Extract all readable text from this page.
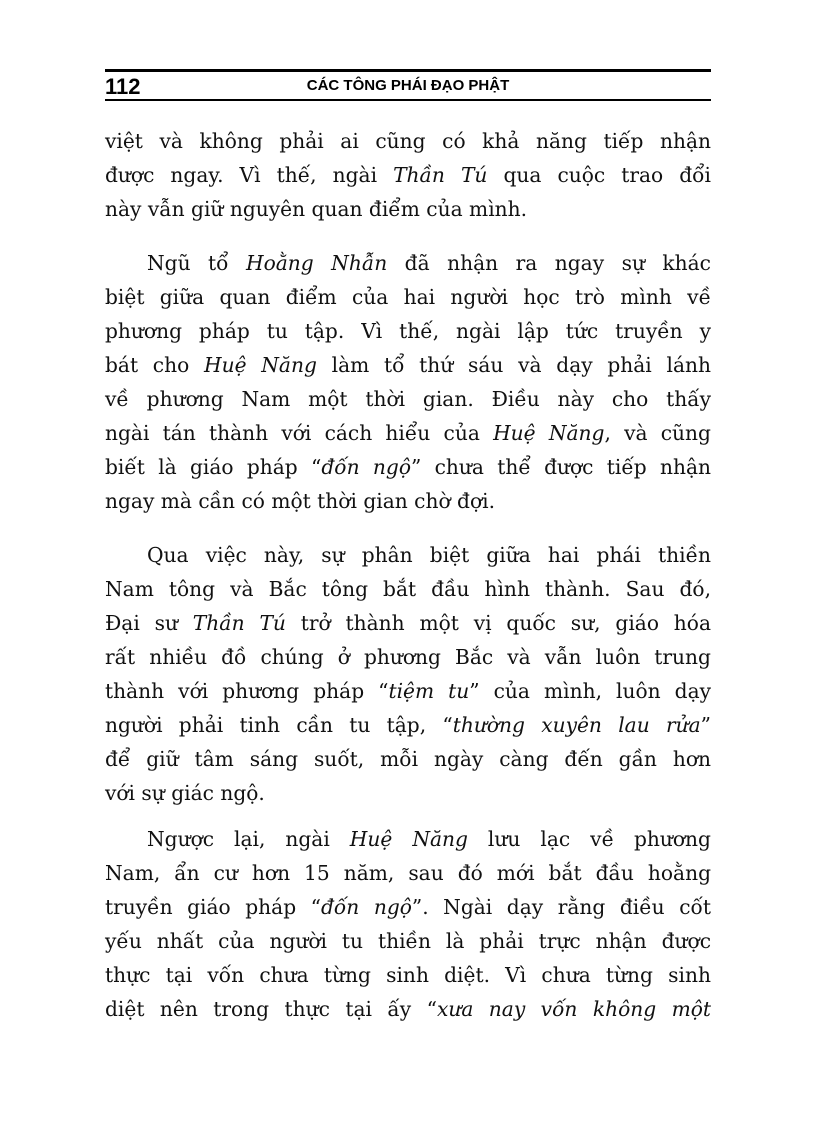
112	CÁC TÔNG PHÁI ĐẠO PHẬT
việt và không phải ai cũng có khả năng tiếp nhận
được ngay. Vì thế, ngài Thần Tú qua cuộc trao đổi
này vẫn giữ nguyên quan điểm của mình.
Ngũ tổ Hoằng Nhẫn đã nhận ra ngay sự khác
biệt giữa quan điểm của hai người học trò mình về
phương pháp tu tập. Vì thế, ngài lập tức truyền y
bát cho Huệ Năng làm tổ thứ sáu và dạy phải lánh
về phương Nam một thời gian. Điều này cho thấy
ngài tán thành với cách hiểu của Huệ Năng, và cũng
biết là giáo pháp “đốn ngộ” chưa thể được tiếp nhận
ngay mà cần có một thời gian chờ đợi.
Qua việc này, sự phân biệt giữa hai phái thiền
Nam tông và Bắc tông bắt đầu hình thành. Sau đó,
Đại sư Thần Tú trở thành một vị quốc sư, giáo hóa
rất nhiều đồ chúng ở phương Bắc và vẫn luôn trung
thành với phương pháp “tiệm tu” của mình, luôn dạy
người phải tinh cần tu tập, “thường xuyên lau rửa”
để giữ tâm sáng suốt, mỗi ngày càng đến gần hơn
với sự giác ngộ.
Ngược lại, ngài Huệ Năng lưu lạc về phương
Nam, ẩn cư hơn 15 năm, sau đó mới bắt đầu hoằng
truyền giáo pháp “đốn ngộ”. Ngài dạy rằng điều cốt
yếu nhất của người tu thiền là phải trực nhận được
thực tại vốn chưa từng sinh diệt. Vì chưa từng sinh
diệt nên trong thực tại ấy “xưa nay vốn không một
